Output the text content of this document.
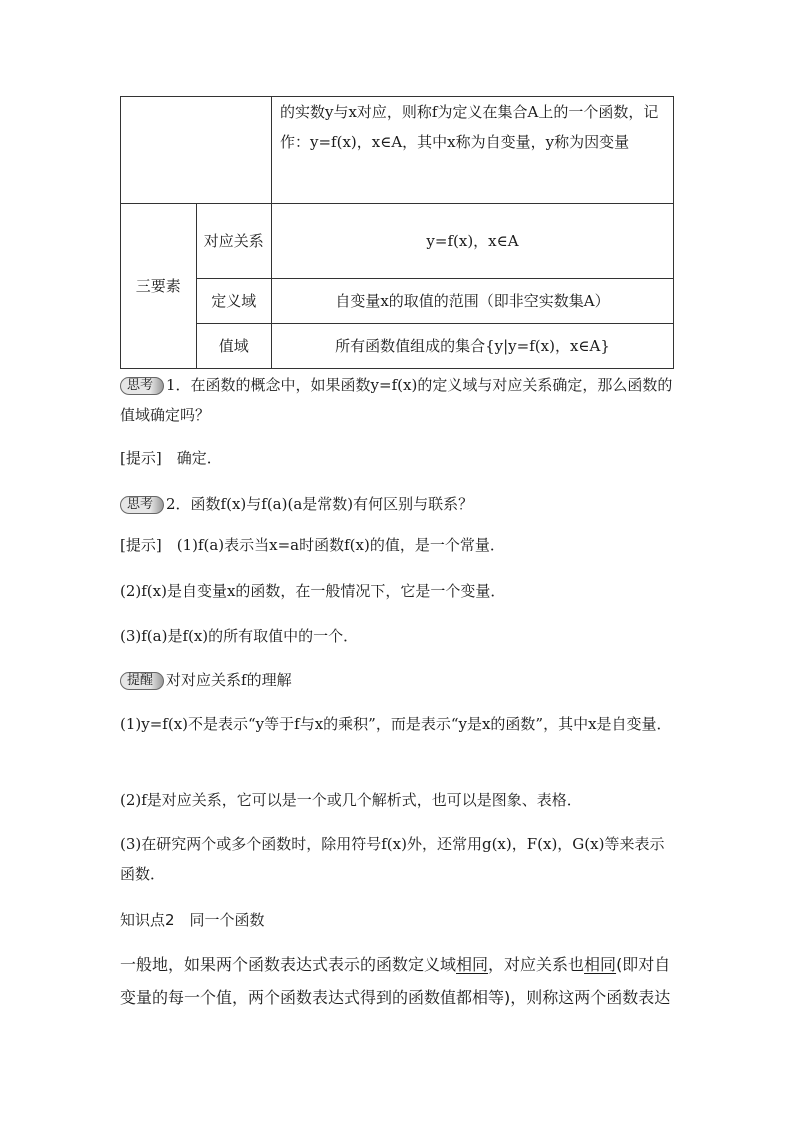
		的实数y与x对应，则称f为定义在集合A上的一个函数，记作：y=f(x)，x∈A，其中x称为自变量，y称为因变量
三要素	对应关系	y=f(x)，x∈A
	定义域	自变量x的取值的范围（即非空实数集A）
	值域	所有函数值组成的集合{y|y=f(x)，x∈A}

思考 1．在函数的概念中，如果函数y=f(x)的定义域与对应关系确定，那么函数的值域确定吗？

[提示]　确定．

思考 2．函数f(x)与f(a)(a是常数)有何区别与联系？

[提示]　(1)f(a)表示当x=a时函数f(x)的值，是一个常量．

(2)f(x)是自变量x的函数，在一般情况下，它是一个变量．

(3)f(a)是f(x)的所有取值中的一个．

提醒 对对应关系f的理解

(1)y=f(x)不是表示“y等于f与x的乘积”，而是表示“y是x的函数”，其中x是自变量．

(2)f是对应关系，它可以是一个或几个解析式，也可以是图象、表格．

(3)在研究两个或多个函数时，除用符号f(x)外，还常用g(x)，F(x)，G(x)等来表示函数．

知识点2　同一个函数

一般地，如果两个函数表达式表示的函数定义域相同，对应关系也相同(即对自变量的每一个值，两个函数表达式得到的函数值都相等)，则称这两个函数表达
